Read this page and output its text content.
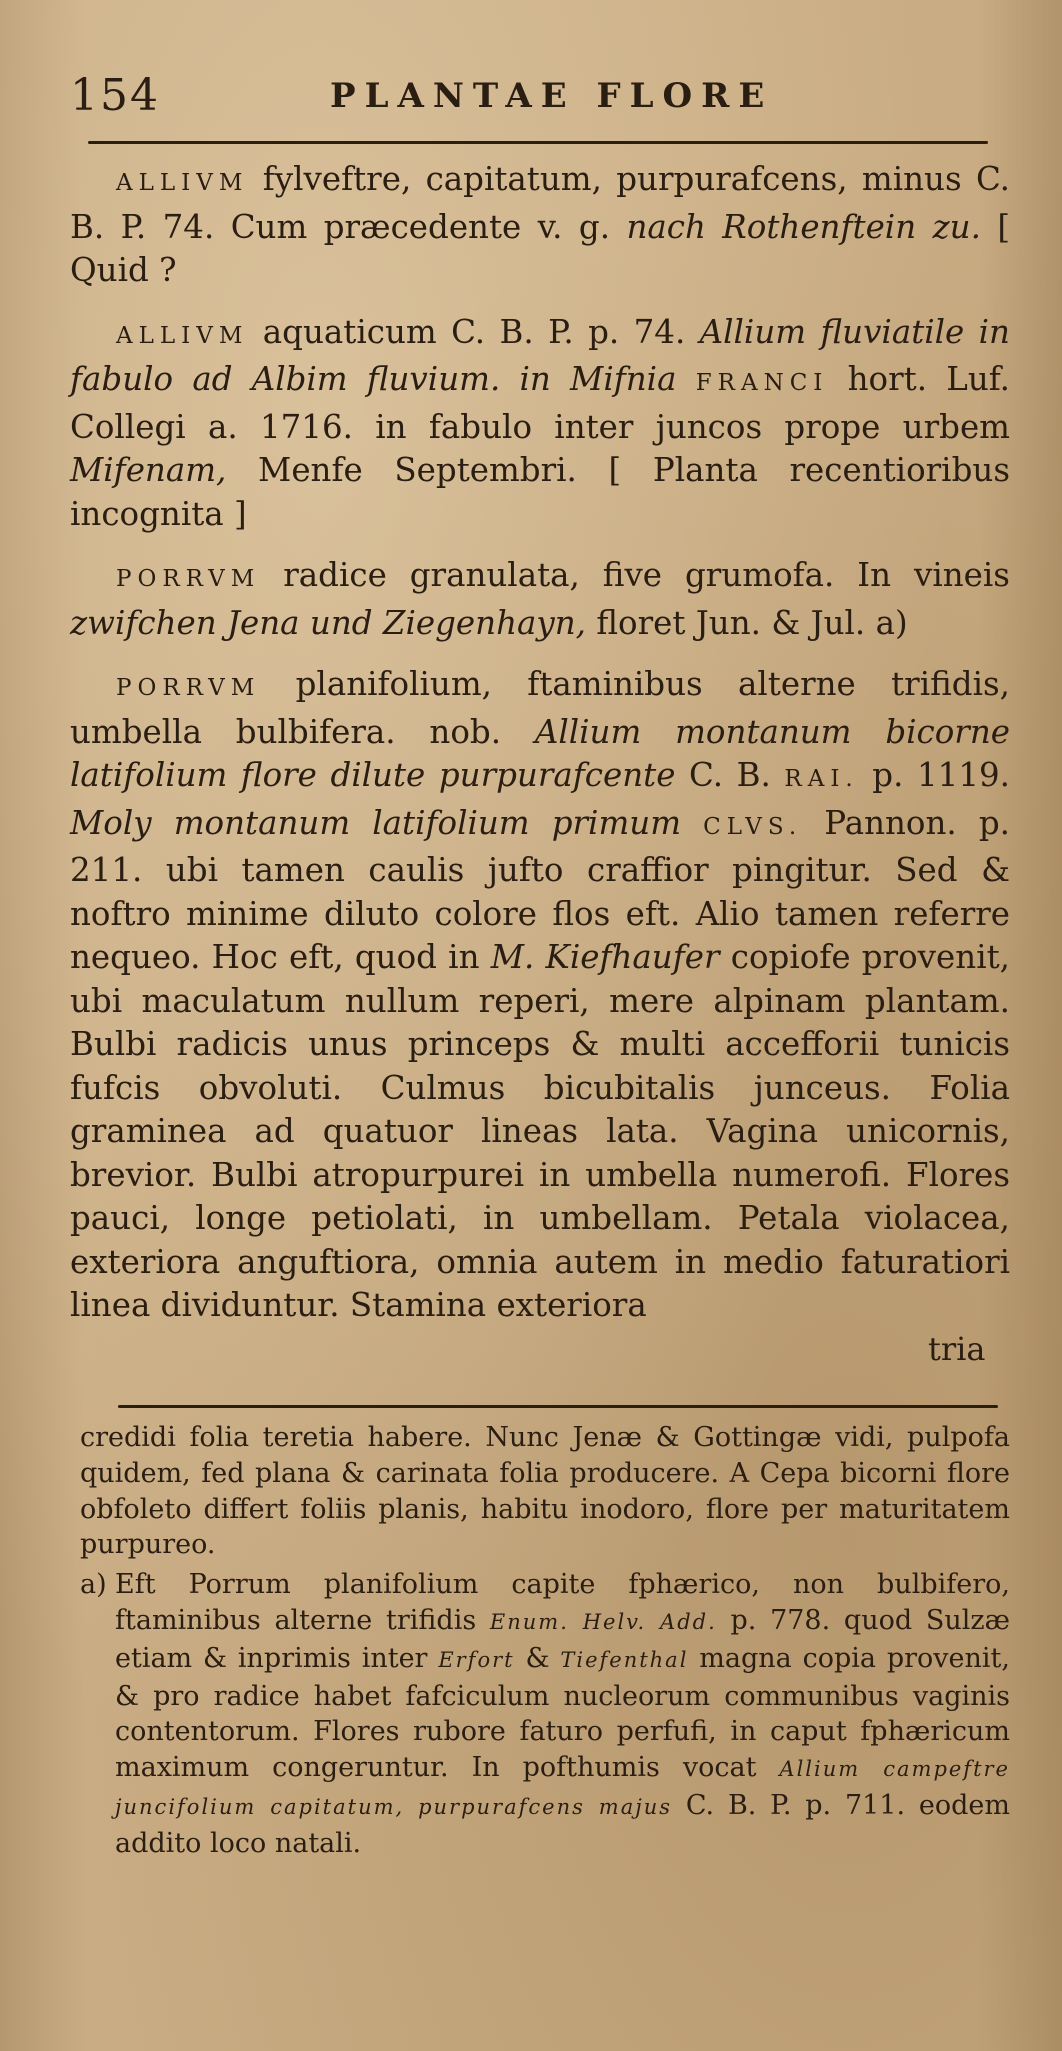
154	PLANTAE FLORE

ALLIVM fylveftre, capitatum, purpurafcens, minus C. B. P. 74. Cum præcedente v. g. nach Rothenftein zu. [ Quid ?

ALLIVM aquaticum C. B. P. p. 74. Allium fluviatile in fabulo ad Albim fluvium. in Mifnia FRANCI hort. Luf. Collegi a. 1716. in fabulo inter juncos prope urbem Mifenam, Menfe Septembri. [ Planta recentioribus incognita ]

PORRVM radice granulata, five grumofa. In vineis zwifchen Jena und Ziegenhayn, floret Jun. & Jul. a)

PORRVM planifolium, ftaminibus alterne trifidis, umbella bulbifera. nob. Allium montanum bicorne latifolium flore dilute purpurafcente C. B. RAI. p. 1119. Moly montanum latifolium primum CLVS. Pannon. p. 211. ubi tamen caulis jufto craffior pingitur. Sed & noftro minime diluto colore flos eft. Alio tamen referre nequeo. Hoc eft, quod in M. Kiefhaufer copiofe provenit, ubi maculatum nullum reperi, mere alpinam plantam. Bulbi radicis unus princeps & multi accefforii tunicis fufcis obvoluti. Culmus bicubitalis junceus. Folia graminea ad quatuor lineas lata. Vagina unicornis, brevior. Bulbi atropurpurei in umbella numerofi. Flores pauci, longe petiolati, in umbellam. Petala violacea, exteriora anguftiora, omnia autem in medio faturatiori linea dividuntur. Stamina exteriora

tria

credidi folia teretia habere. Nunc Jenæ & Gottingæ vidi, pulpofa quidem, fed plana & carinata folia producere. A Cepa bicorni flore obfoleto differt foliis planis, habitu inodoro, flore per maturitatem purpureo.

a) Eft Porrum planifolium capite fphærico, non bulbifero, ftaminibus alterne trifidis Enum. Helv. Add. p. 778. quod Sulzæ etiam & inprimis inter Erfort & Tiefenthal magna copia provenit, & pro radice habet fafciculum nucleorum communibus vaginis contentorum. Flores rubore faturo perfufi, in caput fphæricum maximum congeruntur. In pofthumis vocat Allium campeftre juncifolium capitatum, purpurafcens majus C. B. P. p. 711. eodem addito loco natali.
